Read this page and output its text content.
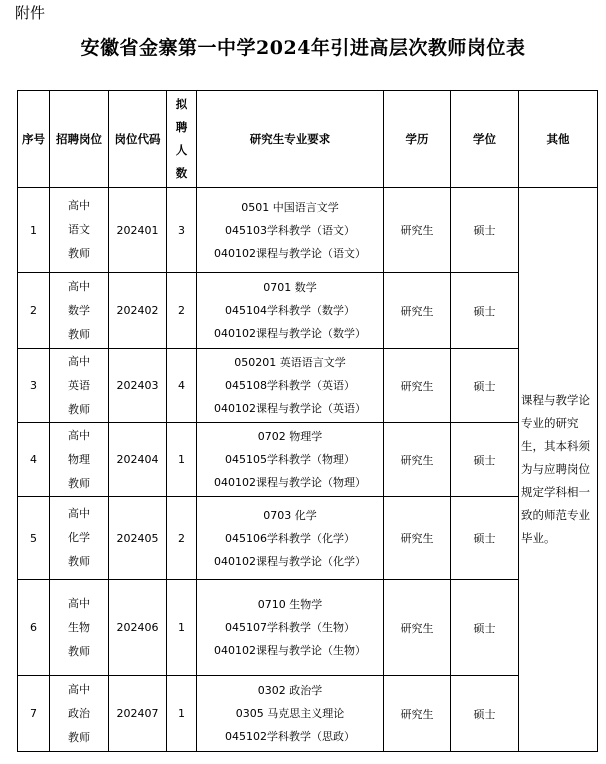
附件
安徽省金寨第一中学2024年引进高层次教师岗位表
序号	招聘岗位	岗位代码	拟
聘
人
数	研究生专业要求	学历	学位	其他
1	高中
语文
教师	202401	3	0501 中国语言文学
045103学科教学（语文）
040102课程与教学论（语文）	研究生	硕士	课程与教学论专业的研究生，其本科须为与应聘岗位规定学科相一致的师范专业毕业。
2	高中
数学
教师	202402	2	0701 数学
045104学科教学（数学）
040102课程与教学论（数学）	研究生	硕士	
3	高中
英语
教师	202403	4	050201 英语语言文学
045108学科教学（英语）
040102课程与教学论（英语）	研究生	硕士	
4	高中
物理
教师	202404	1	0702 物理学
045105学科教学（物理）
040102课程与教学论（物理）	研究生	硕士	
5	高中
化学
教师	202405	2	0703 化学
045106学科教学（化学）
040102课程与教学论（化学）	研究生	硕士	
6	高中
生物
教师	202406	1	0710 生物学
045107学科教学（生物）
040102课程与教学论（生物）	研究生	硕士	
7	高中
政治
教师	202407	1	0302 政治学
0305 马克思主义理论
045102学科教学（思政）	研究生	硕士	
